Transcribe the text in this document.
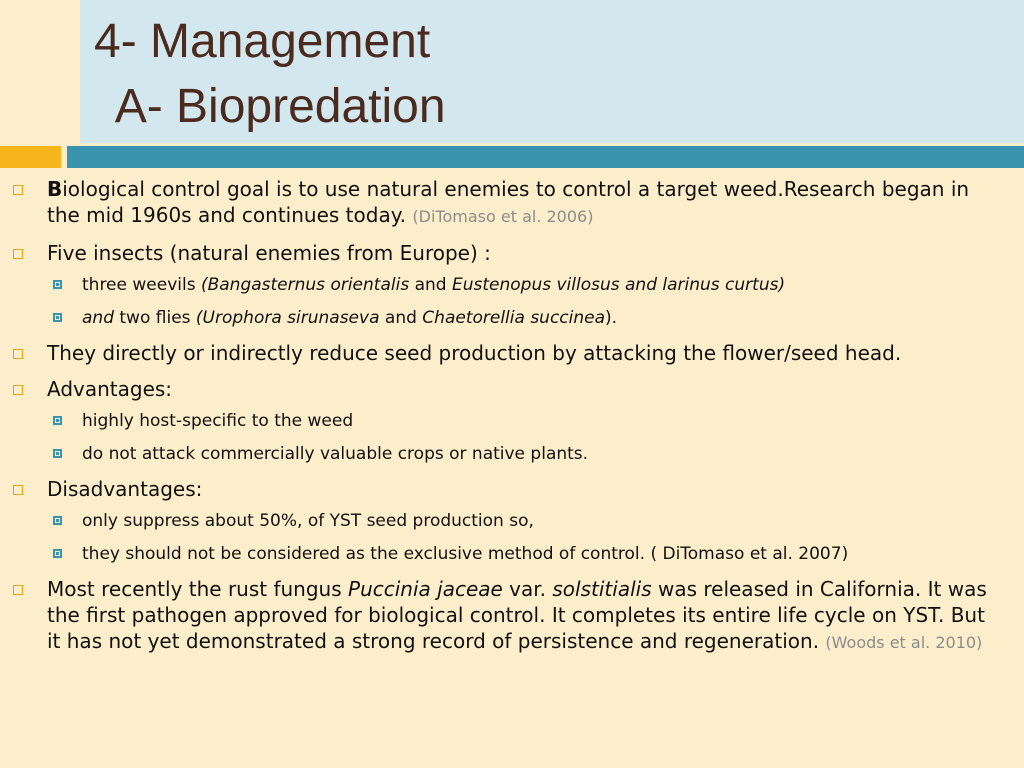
4- Management
A- Biopredation
Biological control goal is to use natural enemies to control a target weed.Research began in the mid 1960s and continues today. (DiTomaso et al. 2006)
Five insects (natural enemies from Europe) :
three weevils (Bangasternus orientalis and Eustenopus villosus and larinus curtus)
and two flies (Urophora sirunaseva and Chaetorellia succinea).
They directly or indirectly reduce seed production by attacking the flower/seed head.
Advantages:
highly host-specific to the weed
do not attack commercially valuable crops or native plants.
Disadvantages:
only suppress about 50%, of YST seed production so,
they should not be considered as the exclusive method of control. ( DiTomaso et al. 2007)
Most recently the rust fungus Puccinia jaceae var. solstitialis was released in California. It was the first pathogen approved for biological control. It completes its entire life cycle on YST. But it has not yet demonstrated a strong record of persistence and regeneration. (Woods et al. 2010)
